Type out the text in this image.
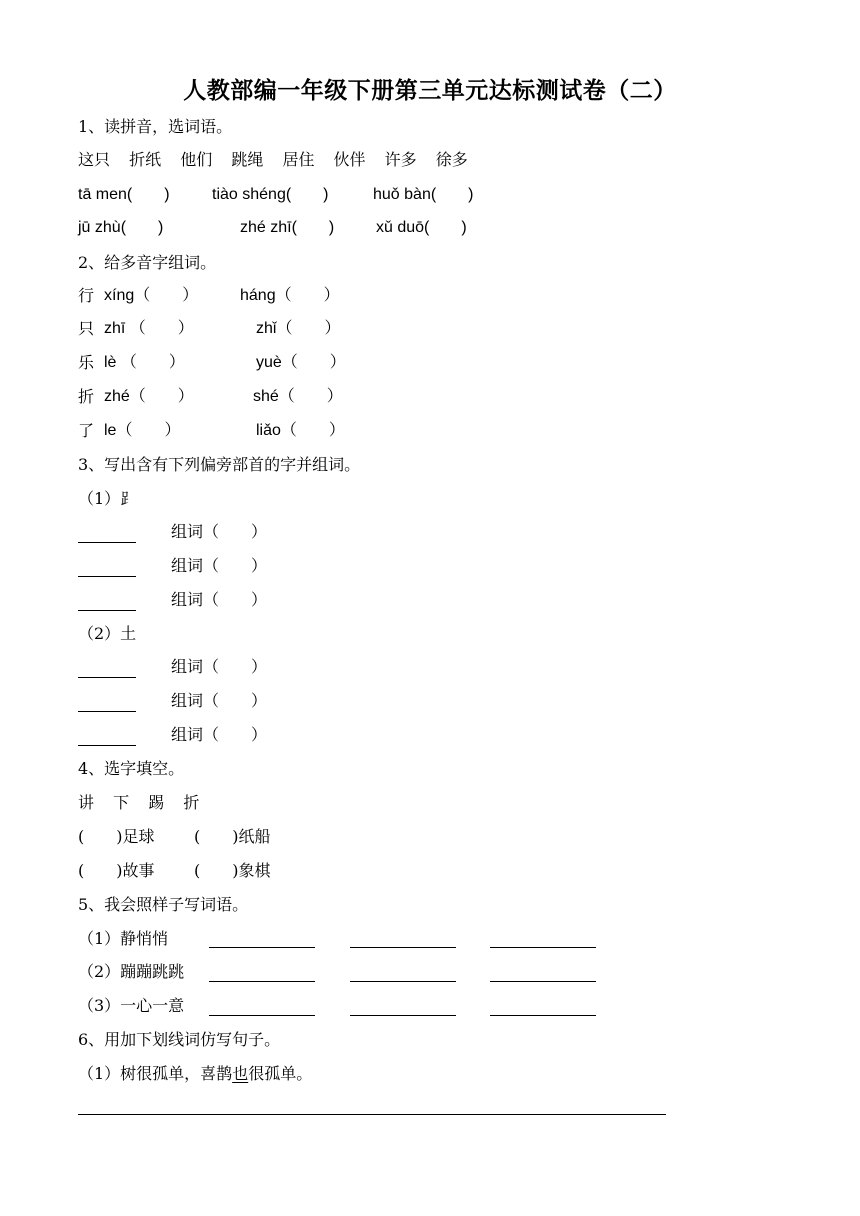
人教部编一年级下册第三单元达标测试卷（二）
1、读拼音，选词语。
这只 折纸 他们 跳绳 居住 伙伴 许多 徐多
tā men(　　)	tiào shéng(　　)	huǒ bàn(　　)
jū zhù(　　)	zhé zhī(　　)	xǔ duō(　　)
2、给多音字组词。
行 xíng（　　）	háng（　　）
只 zhī （　　）	zhǐ（　　）
乐 lè （　　）	yuè（　　）
折 zhé（　　）	shé（　　）
了 le（　　）	liǎo（　　）
3、写出含有下列偏旁部首的字并组词。
（1）⻊
组词（　　）
组词（　　）
组词（　　）
（2）土
组词（　　）
组词（　　）
组词（　　）
4、选字填空。
讲 下 踢 折
(　　)足球 (　　)纸船
(　　)故事 (　　)象棋
5、我会照样子写词语。
（1）静悄悄
（2）蹦蹦跳跳
（3）一心一意
6、用加下划线词仿写句子。
（1）树很孤单，喜鹊也很孤单。
